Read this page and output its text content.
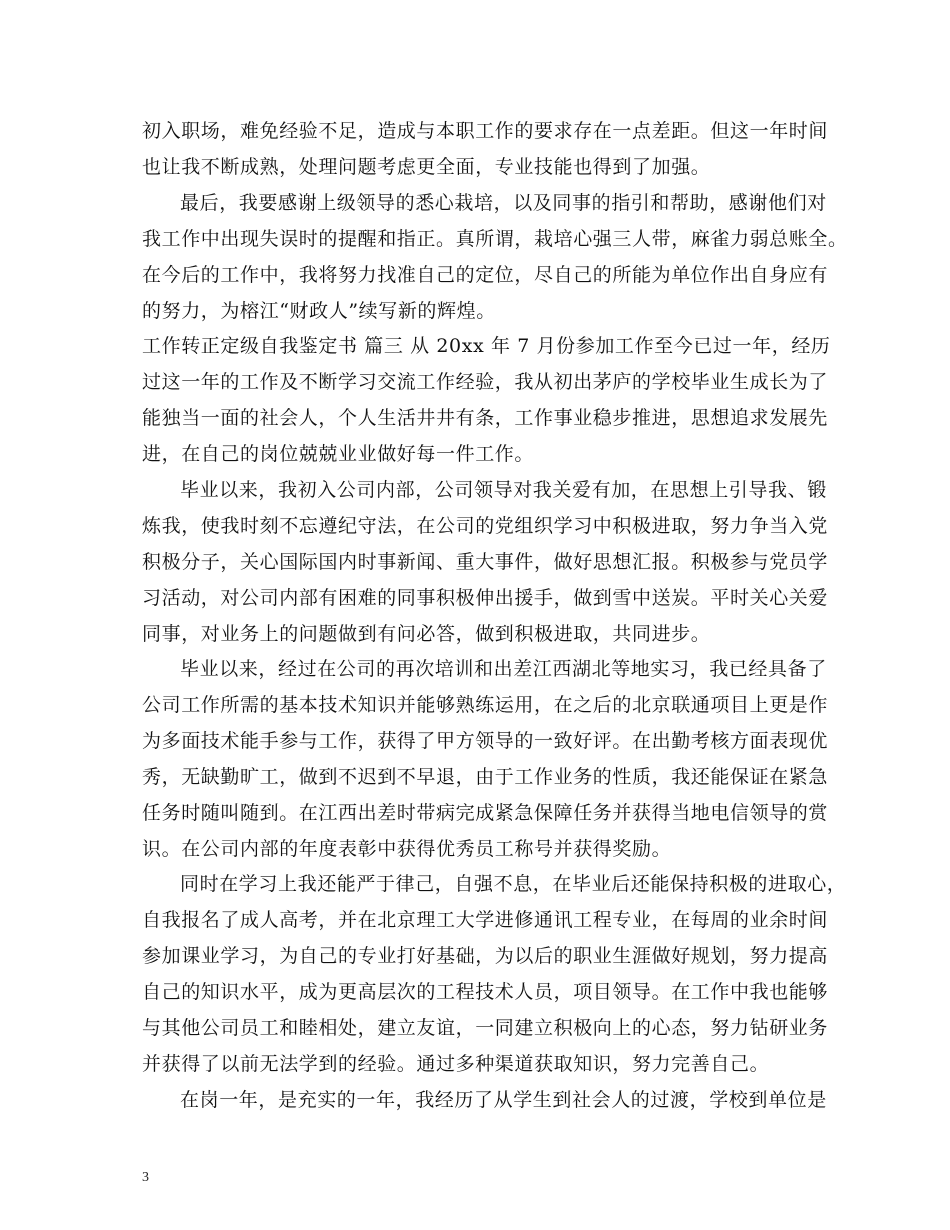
初入职场，难免经验不足，造成与本职工作的要求存在一点差距。但这一年时间
也让我不断成熟，处理问题考虑更全面，专业技能也得到了加强。
最后，我要感谢上级领导的悉心栽培，以及同事的指引和帮助，感谢他们对
我工作中出现失误时的提醒和指正。真所谓，栽培心强三人带，麻雀力弱总账全。
在今后的工作中，我将努力找准自己的定位，尽自己的所能为单位作出自身应有
的努力，为榕江“财政人”续写新的辉煌。
工作转正定级自我鉴定书 篇三 从 20xx 年 7 月份参加工作至今已过一年，经历
过这一年的工作及不断学习交流工作经验，我从初出茅庐的学校毕业生成长为了
能独当一面的社会人，个人生活井井有条，工作事业稳步推进，思想追求发展先
进，在自己的岗位兢兢业业做好每一件工作。
毕业以来，我初入公司内部，公司领导对我关爱有加，在思想上引导我、锻
炼我，使我时刻不忘遵纪守法，在公司的党组织学习中积极进取，努力争当入党
积极分子，关心国际国内时事新闻、重大事件，做好思想汇报。积极参与党员学
习活动，对公司内部有困难的同事积极伸出援手，做到雪中送炭。平时关心关爱
同事，对业务上的问题做到有问必答，做到积极进取，共同进步。
毕业以来，经过在公司的再次培训和出差江西湖北等地实习，我已经具备了
公司工作所需的基本技术知识并能够熟练运用，在之后的北京联通项目上更是作
为多面技术能手参与工作，获得了甲方领导的一致好评。在出勤考核方面表现优
秀，无缺勤旷工，做到不迟到不早退，由于工作业务的性质，我还能保证在紧急
任务时随叫随到。在江西出差时带病完成紧急保障任务并获得当地电信领导的赏
识。在公司内部的年度表彰中获得优秀员工称号并获得奖励。
同时在学习上我还能严于律己，自强不息，在毕业后还能保持积极的进取心，
自我报名了成人高考，并在北京理工大学进修通讯工程专业，在每周的业余时间
参加课业学习，为自己的专业打好基础，为以后的职业生涯做好规划，努力提高
自己的知识水平，成为更高层次的工程技术人员，项目领导。在工作中我也能够
与其他公司员工和睦相处，建立友谊，一同建立积极向上的心态，努力钻研业务
并获得了以前无法学到的经验。通过多种渠道获取知识，努力完善自己。
在岗一年，是充实的一年，我经历了从学生到社会人的过渡，学校到单位是
3
